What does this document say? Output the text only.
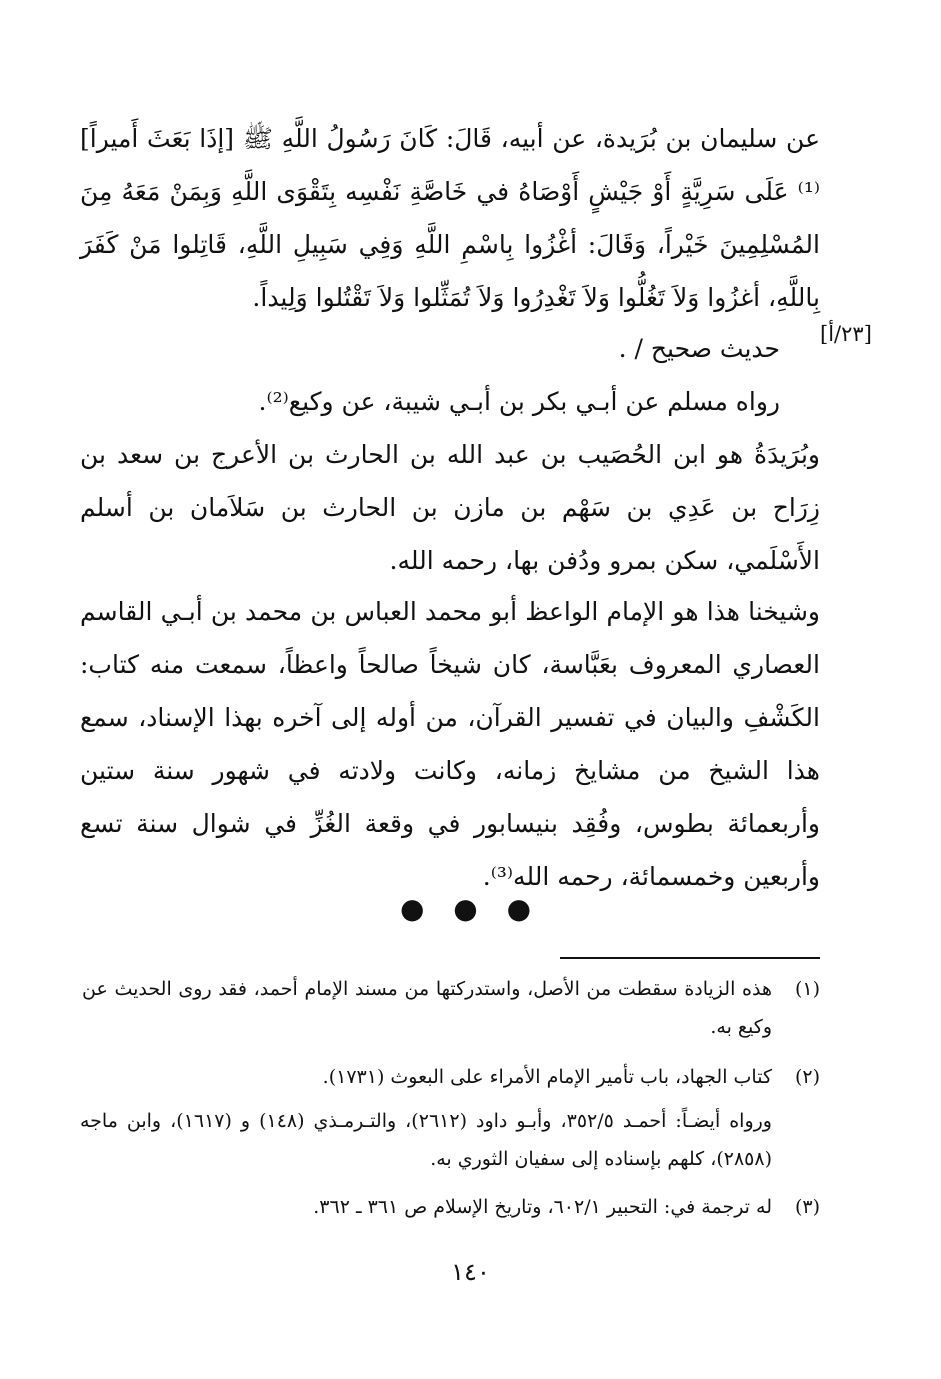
عن سليمان بن بُرَيدة، عن أبيه، قَالَ: كَانَ رَسُولُ اللَّهِ ﷺ [إذَا بَعَثَ أَميراً]⁽¹⁾ عَلَى سَرِيَّةٍ أَوْ جَيْشٍ أَوْصَاهُ في خَاصَّةِ نَفْسِه بِتَقْوَى اللَّهِ وَبِمَنْ مَعَهُ مِنَ المُسْلِمِينَ خَيْراً، وَقَالَ: أغْزُوا بِاسْمِ اللَّهِ وَفِي سَبِيلِ اللَّهِ، قَاتِلوا مَنْ كَفَرَ بِاللَّهِ، أغزُوا وَلاَ تَغُلُّوا وَلاَ تَغْدِرُوا وَلاَ تُمَثِّلوا وَلاَ تَقْتُلوا وَلِيداً.

[٢٣/أ]

حديث صحيح / .

رواه مسلم عن أبـي بكر بن أبـي شيبة، عن وكيع⁽²⁾.

وبُرَيدَةُ هو ابن الحُصَيب بن عبد الله بن الحارث بن الأعرج بن سعد بن زِرَاح بن عَدِي بن سَهْم بن مازن بن الحارث بن سَلاَمان بن أسلم الأَسْلَمي، سكن بمرو ودُفن بها، رحمه الله.

وشيخنا هذا هو الإمام الواعظ أبو محمد العباس بن محمد بن أبـي القاسم العصاري المعروف بعَبَّاسة، كان شيخاً صالحاً واعظاً، سمعت منه كتاب: الكَشْفِ والبيان في تفسير القرآن، من أوله إلى آخره بهذا الإسناد، سمع هذا الشيخ من مشايخ زمانه، وكانت ولادته في شهور سنة ستين وأربعمائة بطوس، وفُقِد بنيسابور في وقعة الغُزِّ في شوال سنة تسع وأربعين وخمسمائة، رحمه الله⁽³⁾.

● ● ●

(١)هذه الزيادة سقطت من الأصل، واستدركتها من مسند الإمام أحمد، فقد روى الحديث عن وكيع به.

(٢)كتاب الجهاد، باب تأمير الإمام الأمراء على البعوث (١٧٣١).

ورواه أيضـاً: أحمـد ٣٥٢/٥، وأبـو داود (٢٦١٢)، والتـرمـذي (١٤٨) و (١٦١٧)، وابن ماجه (٢٨٥٨)، كلهم بإسناده إلى سفيان الثوري به.

(٣)له ترجمة في: التحبير ٦٠٢/١، وتاريخ الإسلام ص ٣٦١ ـ ٣٦٢.

١٤٠
